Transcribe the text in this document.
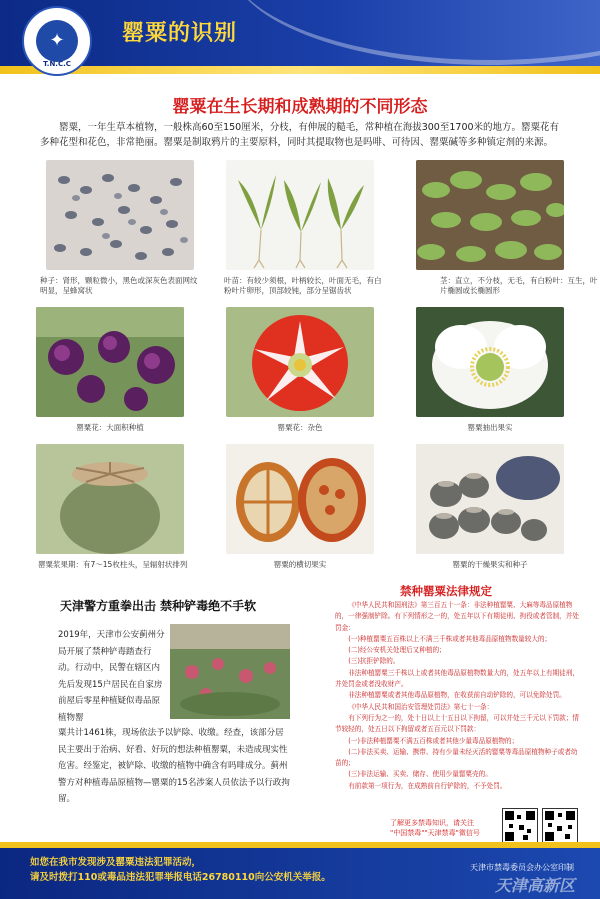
✦
T.N.C.C
罂粟的识别
罂粟在生长期和成熟期的不同形态
罂粟，一年生草本植物，一般株高60至150厘米，分枝，有伸展的糙毛，常种植在海拔300至1700米的地方。罂粟花有多种花型和花色，非常艳丽。罂粟是制取鸦片的主要原料，同时其提取物也是吗啡、可待因、罂粟碱等多种镇定剂的来源。
种子：肾形，颗粒微小，黑色或深灰色表面网纹明显，呈蜂窝状
叶苗：有较少须根，叶柄较长，叶面无毛，有白粉叶片卵形，顶部较钝，部分呈锯齿状
茎：直立，不分枝，无毛，有白粉叶：互生，叶片椭圆或长椭圆形
罂粟花：大面积种植	罂粟花：杂色	罂粟抽出果实
罂粟浆果期：有7～15枚柱头，呈辐射状排列	罂粟的横切果实	罂粟的干燥果实和种子
天津警方重拳出击 禁种铲毒绝不手软
2019年，天津市公安蓟州分局开展了禁种铲毒踏查行动。行动中，民警在辖区内先后发现15户居民在自家房前屋后零星种植疑似毒品原植物罂
粟共计1461株，现场依法予以铲除、收缴。经查，该部分居民主要出于治病、好看、好玩的想法种植罂粟，未造成现实性危害。经鉴定，被铲除、收缴的植物中确含有吗啡成分。蓟州警方对种植毒品原植物—罂粟的15名涉案人员依法予以行政拘留。
禁种罂粟法律规定

《中华人民共和国刑法》第三百五十一条：非法种植罂粟、大麻等毒品原植物的，一律强制铲除。有下列情形之一的，处五年以下有期徒刑、拘役或者管制，并处罚金：

(一)种植罂粟五百株以上不满三千株或者其他毒品原植物数量较大的；

(二)经公安机关处理后又种植的；

(三)抗拒铲除的。

非法种植罂粟三千株以上或者其他毒品原植物数量大的，处五年以上有期徒刑，并处罚金或者没收财产。

非法种植罂粟或者其他毒品原植物，在收获前自动铲除的，可以免除处罚。

《中华人民共和国治安管理处罚法》第七十一条：

有下列行为之一的，处十日以上十五日以下拘留，可以并处三千元以下罚款；情节较轻的，处五日以下拘留或者五百元以下罚款：

(一)非法种植罂粟不满五百株或者其他少量毒品原植物的；

(二)非法买卖、运输、携带、持有少量未经灭活的罂粟等毒品原植物种子或者幼苗的；

(三)非法运输、买卖、储存、使用少量罂粟壳的。

有前款第一项行为，在成熟前自行铲除的，不予处罚。

了解更多禁毒知识，请关注
"中国禁毒""天津禁毒"微信号
如您在我市发现涉及罂粟违法犯罪活动，
请及时拨打110或毒品违法犯罪举报电话26780110向公安机关举报。
天津市禁毒委员会办公室印制
天津高新区
